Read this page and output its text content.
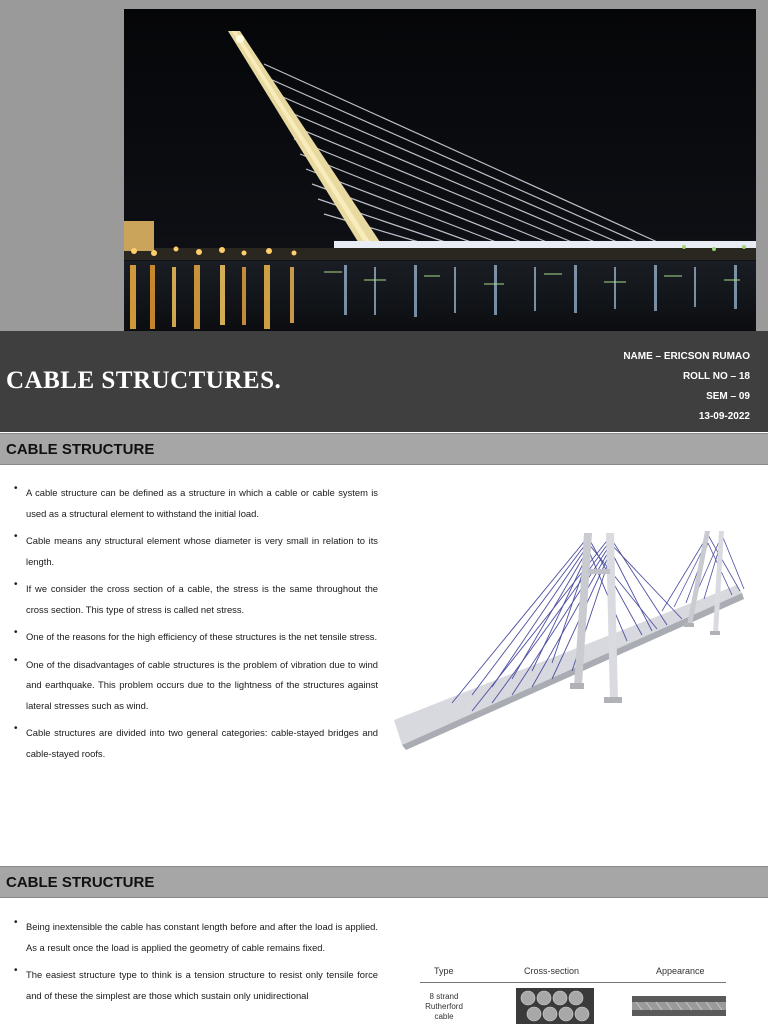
CABLE STRUCTURES.
NAME – ERICSON RUMAO
ROLL NO – 18
SEM – 09
13-09-2022
CABLE STRUCTURE
• A cable structure can be defined as a structure in which a cable or cable system is used as a structural element to withstand the initial load.
• Cable means any structural element whose diameter is very small in relation to its length.
• If we consider the cross section of a cable, the stress is the same throughout the cross section. This type of stress is called net stress.
• One of the reasons for the high efficiency of these structures is the net tensile stress.
• One of the disadvantages of cable structures is the problem of vibration due to wind and earthquake. This problem occurs due to the lightness of the structures against lateral stresses such as wind.
• Cable structures are divided into two general categories: cable-stayed bridges and cable-stayed roofs.
CABLE STRUCTURE
• Being inextensible the cable has constant length before and after the load is applied. As a result once the load is applied the geometry of cable remains fixed.
• The easiest structure type to think is a tension structure to resist only tensile force and of these the simplest are those which sustain only unidirectional
Type	Cross-section	Appearance
8 strand Rutherford cable
